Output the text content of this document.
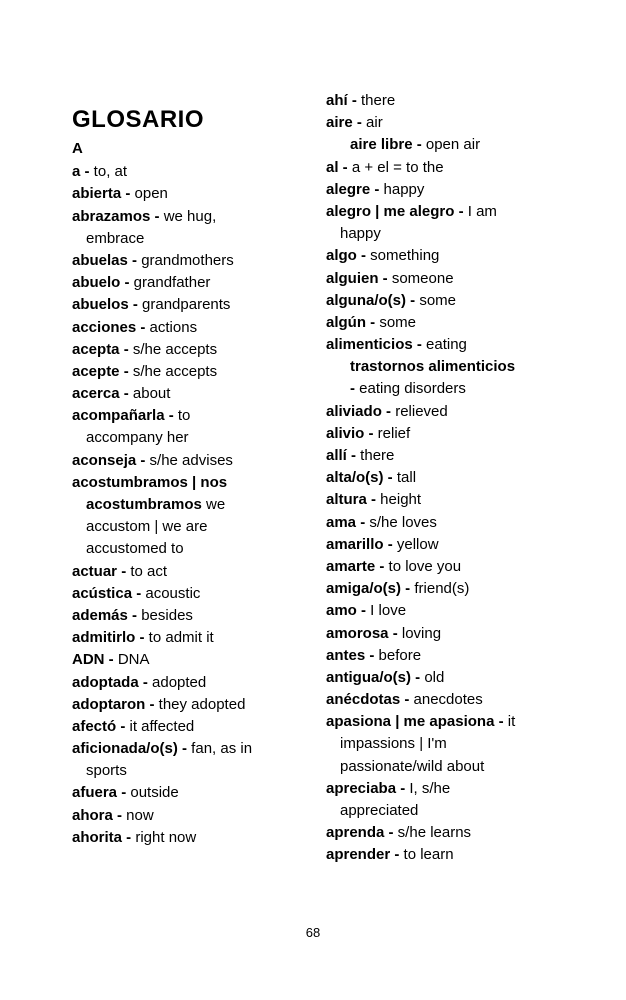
GLOSARIO
A

a - to, at

abierta - open

abrazamos - we hug, embrace

abuelas - grandmothers

abuelo - grandfather

abuelos - grandparents

acciones - actions

acepta - s/he accepts

acepte - s/he accepts

acerca - about

acompañarla - to accompany her

aconseja - s/he advises

acostumbramos | nos acostumbramos we accustom | we are accustomed to

actuar - to act

acústica - acoustic

además - besides

admitirlo - to admit it

ADN - DNA

adoptada - adopted

adoptaron - they adopted

afectó - it affected

aficionada/o(s) - fan, as in sports

afuera - outside

ahora - now

ahorita - right now

ahí - there

aire - air

aire libre - open air

al - a + el = to the

alegre - happy

alegro | me alegro - I am happy

algo - something

alguien - someone

alguna/o(s) - some

algún - some

alimenticios - eating

trastornos alimenticios - eating disorders

aliviado - relieved

alivio - relief

allí - there

alta/o(s) - tall

altura - height

ama - s/he loves

amarillo - yellow

amarte - to love you

amiga/o(s) - friend(s)

amo - I love

amorosa - loving

antes - before

antigua/o(s) - old

anécdotas - anecdotes

apasiona | me apasiona - it impassions | I'm passionate/wild about

apreciaba - I, s/he appreciated

aprenda - s/he learns

aprender - to learn

68
